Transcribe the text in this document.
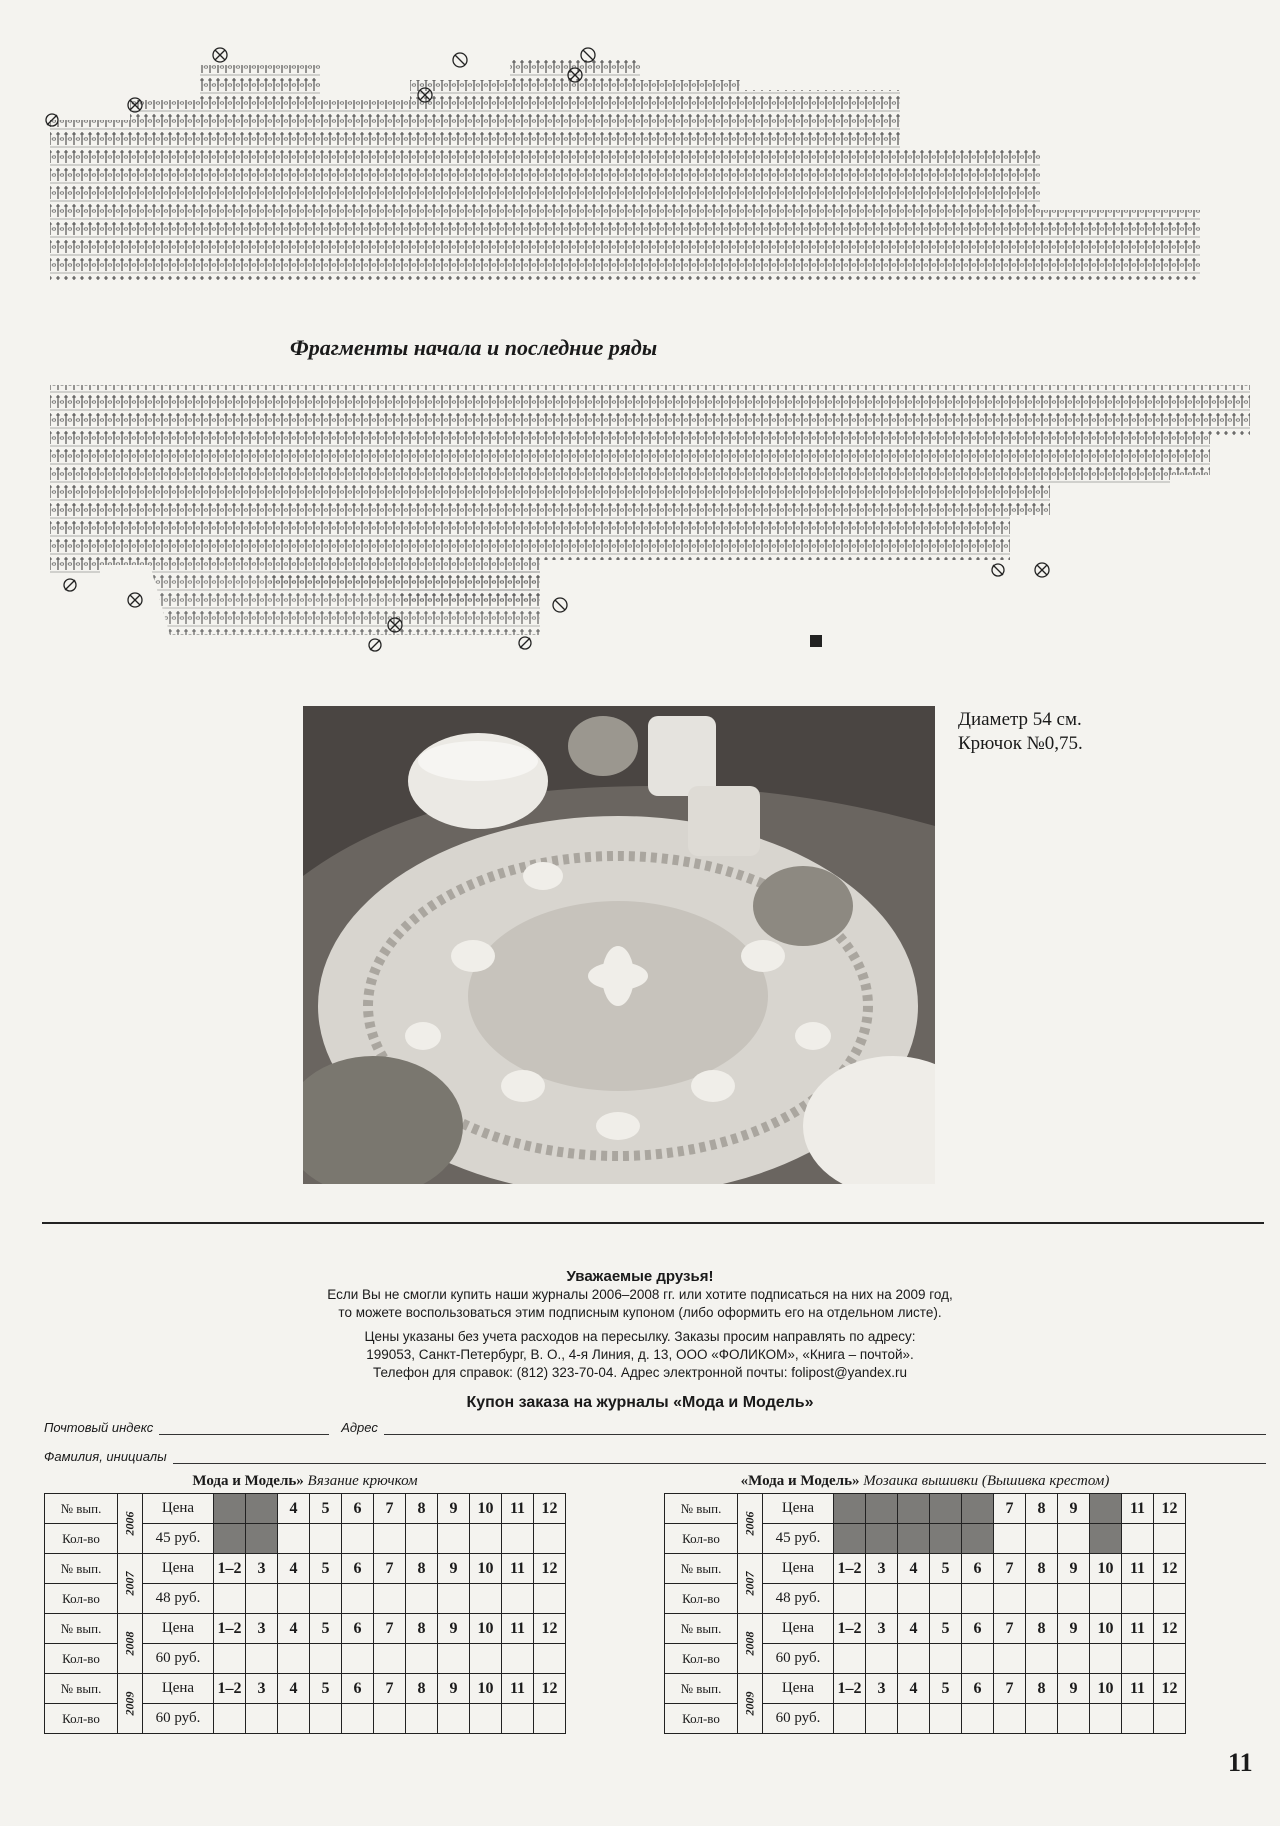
Фрагменты начала и последние ряды
Диаметр 54 см.
Крючок №0,75.
Уважаемые друзья!
Если Вы не смогли купить наши журналы 2006–2008 гг. или хотите подписаться на них на 2009 год,
то можете воспользоваться этим подписным купоном (либо оформить его на отдельном листе).
Цены указаны без учета расходов на пересылку. Заказы просим направлять по адресу:
199053, Санкт-Петербург, В. О., 4-я Линия, д. 13, ООО «ФОЛИКОМ», «Книга – почтой».
Телефон для справок: (812) 323-70-04. Адрес электронной почты: folipost@yandex.ru
Купон заказа на журналы «Мода и Модель»
Почтовый индекс	Адрес
Фамилия, инициалы
Мода и Модель» Вязание крючком
№ вып.	2006	Цена			4	5	6	7	8	9	10	11	12
Кол-во		45 руб.											
№ вып.	2007	Цена	1–2	3	4	5	6	7	8	9	10	11	12
Кол-во		48 руб.											
№ вып.	2008	Цена	1–2	3	4	5	6	7	8	9	10	11	12
Кол-во		60 руб.											
№ вып.	2009	Цена	1–2	3	4	5	6	7	8	9	10	11	12
Кол-во		60 руб.											
«Мода и Модель» Мозаика вышивки (Вышивка крестом)
№ вып.	2006	Цена						7	8	9		11	12
Кол-во		45 руб.											
№ вып.	2007	Цена	1–2	3	4	5	6	7	8	9	10	11	12
Кол-во		48 руб.											
№ вып.	2008	Цена	1–2	3	4	5	6	7	8	9	10	11	12
Кол-во		60 руб.											
№ вып.	2009	Цена	1–2	3	4	5	6	7	8	9	10	11	12
Кол-во		60 руб.											
11
